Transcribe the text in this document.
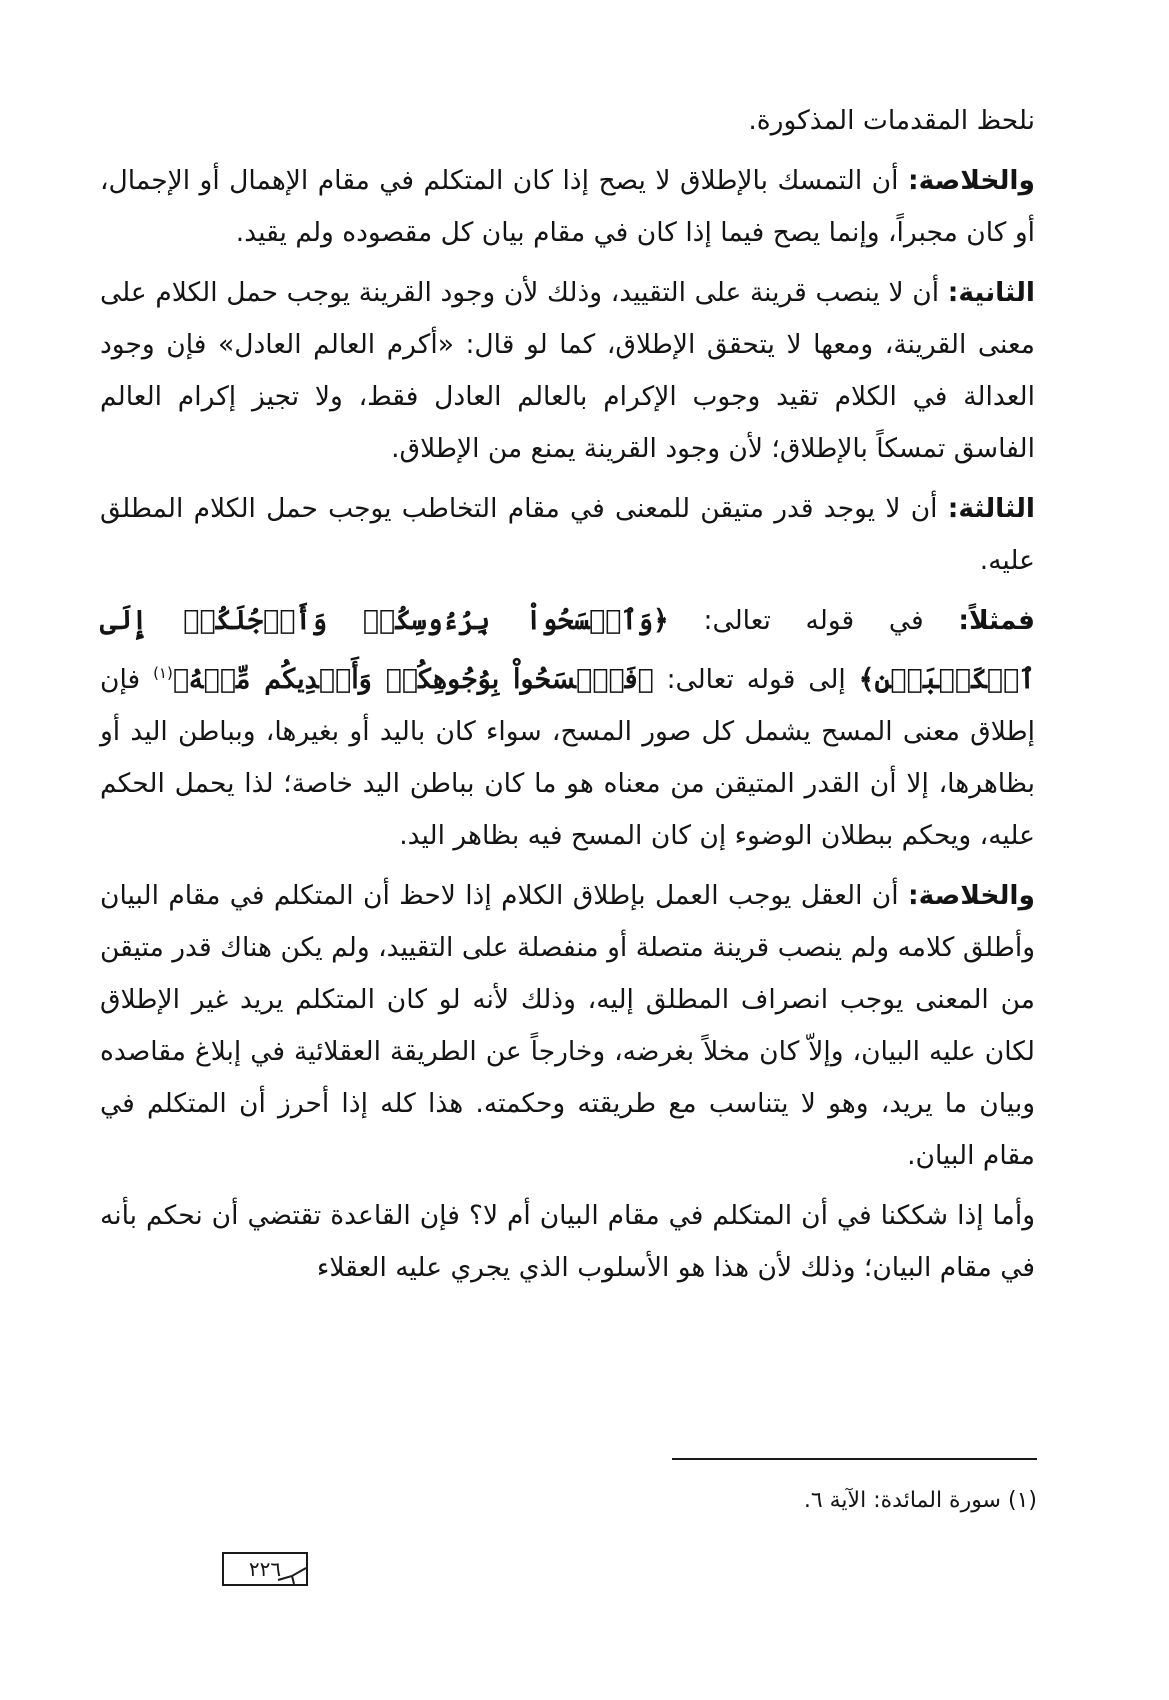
نلحظ المقدمات المذكورة.

والخلاصة: أن التمسك بالإطلاق لا يصح إذا كان المتكلم في مقام الإهمال أو الإجمال، أو كان مجبراً، وإنما يصح فيما إذا كان في مقام بيان كل مقصوده ولم يقيد.

الثانية: أن لا ينصب قرينة على التقييد، وذلك لأن وجود القرينة يوجب حمل الكلام على معنى القرينة، ومعها لا يتحقق الإطلاق، كما لو قال: «أكرم العالم العادل» فإن وجود العدالة في الكلام تقيد وجوب الإكرام بالعالم العادل فقط، ولا تجيز إكرام العالم الفاسق تمسكاً بالإطلاق؛ لأن وجود القرينة يمنع من الإطلاق.

الثالثة: أن لا يوجد قدر متيقن للمعنى في مقام التخاطب يوجب حمل الكلام المطلق عليه.

فمثلاً: في قوله تعالى: ﴿وَٱمۡسَحُواْ بِرُءُوسِكُمۡ وَأَرۡجُلَكُمۡ إِلَى ٱلۡكَعۡبَيۡنِ﴾ إلى قوله تعالى: ﴿فَٱمۡسَحُواْ بِوُجُوهِكُمۡ وَأَيۡدِيكُم مِّنۡهُ﴾$^{(١)}$ فإن إطلاق معنى المسح يشمل كل صور المسح، سواء كان باليد أو بغيرها، وبباطن اليد أو بظاهرها، إلا أن القدر المتيقن من معناه هو ما كان بباطن اليد خاصة؛ لذا يحمل الحكم عليه، ويحكم ببطلان الوضوء إن كان المسح فيه بظاهر اليد.

والخلاصة: أن العقل يوجب العمل بإطلاق الكلام إذا لاحظ أن المتكلم في مقام البيان وأطلق كلامه ولم ينصب قرينة متصلة أو منفصلة على التقييد، ولم يكن هناك قدر متيقن من المعنى يوجب انصراف المطلق إليه، وذلك لأنه لو كان المتكلم يريد غير الإطلاق لكان عليه البيان، وإلاّ كان مخلاً بغرضه، وخارجاً عن الطريقة العقلائية في إبلاغ مقاصده وبيان ما يريد، وهو لا يتناسب مع طريقته وحكمته. هذا كله إذا أحرز أن المتكلم في مقام البيان.

وأما إذا شككنا في أن المتكلم في مقام البيان أم لا؟ فإن القاعدة تقتضي أن نحكم بأنه في مقام البيان؛ وذلك لأن هذا هو الأسلوب الذي يجري عليه العقلاء

(١) سورة المائدة: الآية ٦.
٢٢٦
